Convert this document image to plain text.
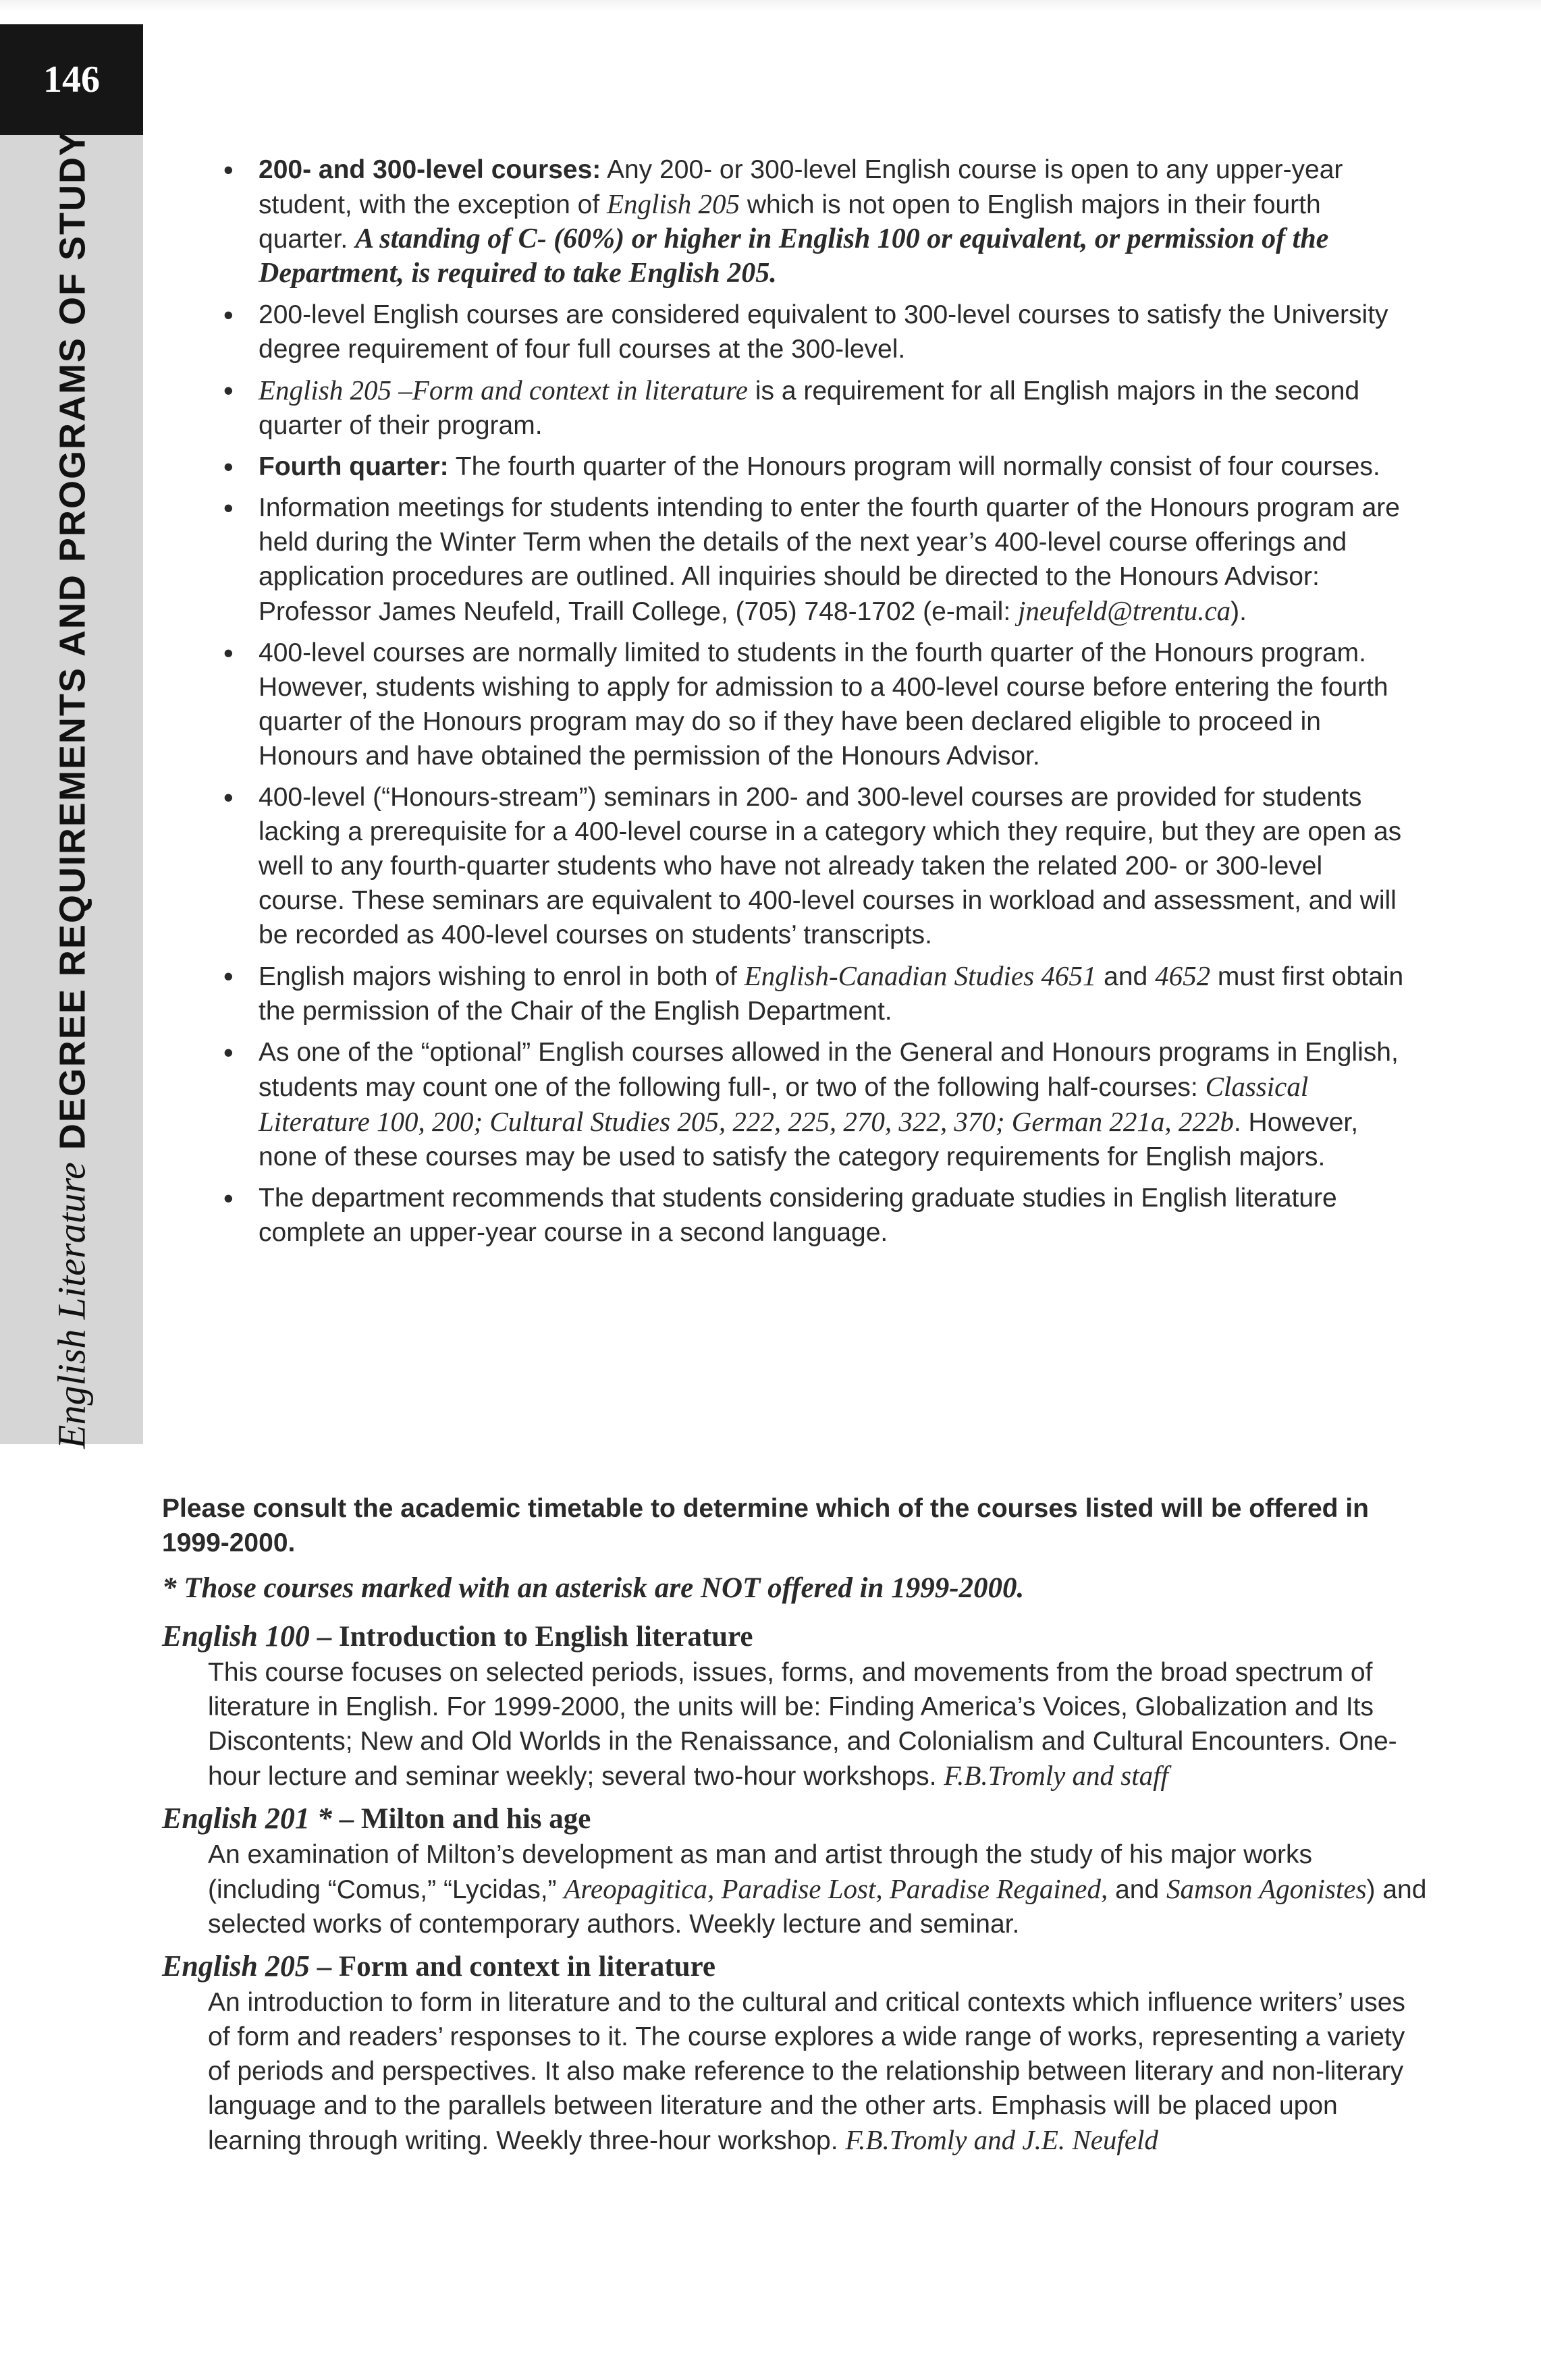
146
English LiteratureDEGREE REQUIREMENTS AND PROGRAMS OF STUDY
•	200- and 300-level courses: Any 200- or 300-level English course is open to any upper-year student, with the exception of English 205 which is not open to English majors in their fourth quarter. A standing of C- (60%) or higher in English 100 or equivalent, or permission of the Department, is required to take English 205.
• 200-level English courses are considered equivalent to 300-level courses to satisfy the University degree requirement of four full courses at the 300-level.
• English 205 –Form and context in literature is a requirement for all English majors in the second quarter of their program.
• Fourth quarter: The fourth quarter of the Honours program will normally consist of four courses.
• Information meetings for students intending to enter the fourth quarter of the Honours program are held during the Winter Term when the details of the next year’s 400-level course offerings and application procedures are outlined. All inquiries should be directed to the Honours Advisor: Professor James Neufeld, Traill College, (705) 748-1702 (e-mail: jneufeld@trentu.ca).
• 400-level courses are normally limited to students in the fourth quarter of the Honours program. However, students wishing to apply for admission to a 400-level course before entering the fourth quarter of the Honours program may do so if they have been declared eligible to proceed in Honours and have obtained the permission of the Honours Advisor.
• 400-level (“Honours-stream”) seminars in 200- and 300-level courses are provided for students lacking a prerequisite for a 400-level course in a category which they require, but they are open as well to any fourth-quarter students who have not already taken the related 200- or 300-level course. These seminars are equivalent to 400-level courses in workload and assessment, and will be recorded as 400-level courses on students’ transcripts.
• English majors wishing to enrol in both of English-Canadian Studies 4651 and 4652 must first obtain the permission of the Chair of the English Department.
• As one of the “optional” English courses allowed in the General and Honours programs in English, students may count one of the following full-, or two of the following half-courses: Classical Literature 100, 200; Cultural Studies 205, 222, 225, 270, 322, 370; German 221a, 222b. However, none of these courses may be used to satisfy the category requirements for English majors.
• The department recommends that students considering graduate studies in English literature complete an upper-year course in a second language.
Please consult the academic timetable to determine which of the courses listed will be offered in 1999-2000.
* Those courses marked with an asterisk are NOT offered in 1999-2000.
English 100 – Introduction to English literature
This course focuses on selected periods, issues, forms, and movements from the broad spectrum of literature in English. For 1999-2000, the units will be: Finding America’s Voices, Globalization and Its Discontents; New and Old Worlds in the Renaissance, and Colonialism and Cultural Encounters. One-hour lecture and seminar weekly; several two-hour workshops. F.B.Tromly and staff
English 201 * – Milton and his age
An examination of Milton’s development as man and artist through the study of his major works (including “Comus,” “Lycidas,” Areopagitica, Paradise Lost, Paradise Regained, and Samson Agonistes) and selected works of contemporary authors. Weekly lecture and seminar.
English 205 – Form and context in literature
An introduction to form in literature and to the cultural and critical contexts which influence writers’ uses of form and readers’ responses to it. The course explores a wide range of works, representing a variety of periods and perspectives. It also make reference to the relationship between literary and non-literary language and to the parallels between literature and the other arts. Emphasis will be placed upon learning through writing. Weekly three-hour workshop. F.B.Tromly and J.E. Neufeld
